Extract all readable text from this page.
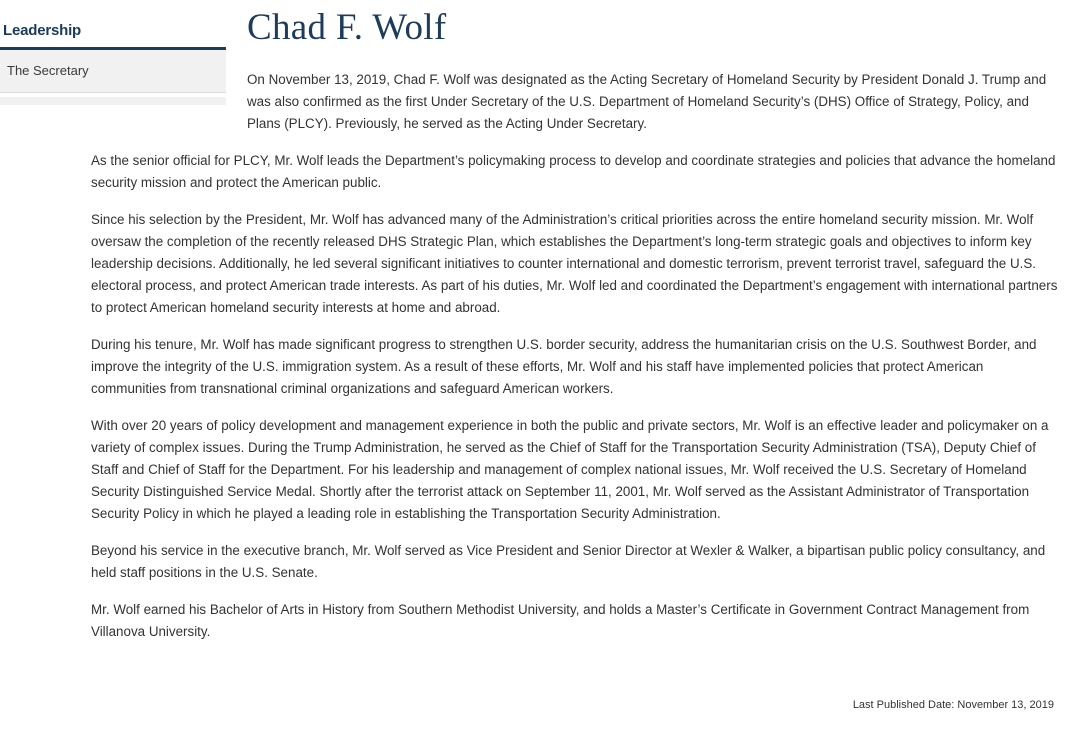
Leadership
The Secretary
Chad F. Wolf

On November 13, 2019, Chad F. Wolf was designated as the Acting Secretary of Homeland Security by President Donald J. Trump and was also confirmed as the first Under Secretary of the U.S. Department of Homeland Security’s (DHS) Office of Strategy, Policy, and Plans (PLCY). Previously, he served as the Acting Under Secretary.

As the senior official for PLCY, Mr. Wolf leads the Department’s policymaking process to develop and coordinate strategies and policies that advance the homeland security mission and protect the American public.

Since his selection by the President, Mr. Wolf has advanced many of the Administration’s critical priorities across the entire homeland security mission. Mr. Wolf oversaw the completion of the recently released DHS Strategic Plan, which establishes the Department’s long-term strategic goals and objectives to inform key leadership decisions. Additionally, he led several significant initiatives to counter international and domestic terrorism, prevent terrorist travel, safeguard the U.S. electoral process, and protect American trade interests. As part of his duties, Mr. Wolf led and coordinated the Department’s engagement with international partners to protect American homeland security interests at home and abroad.

During his tenure, Mr. Wolf has made significant progress to strengthen U.S. border security, address the humanitarian crisis on the U.S. Southwest Border, and improve the integrity of the U.S. immigration system. As a result of these efforts, Mr. Wolf and his staff have implemented policies that protect American communities from transnational criminal organizations and safeguard American workers.

With over 20 years of policy development and management experience in both the public and private sectors, Mr. Wolf is an effective leader and policymaker on a variety of complex issues. During the Trump Administration, he served as the Chief of Staff for the Transportation Security Administration (TSA), Deputy Chief of Staff and Chief of Staff for the Department. For his leadership and management of complex national issues, Mr. Wolf received the U.S. Secretary of Homeland Security Distinguished Service Medal. Shortly after the terrorist attack on September 11, 2001, Mr. Wolf served as the Assistant Administrator of Transportation Security Policy in which he played a leading role in establishing the Transportation Security Administration.

Beyond his service in the executive branch, Mr. Wolf served as Vice President and Senior Director at Wexler & Walker, a bipartisan public policy consultancy, and held staff positions in the U.S. Senate.

Mr. Wolf earned his Bachelor of Arts in History from Southern Methodist University, and holds a Master’s Certificate in Government Contract Management from Villanova University.

Last Published Date: November 13, 2019
